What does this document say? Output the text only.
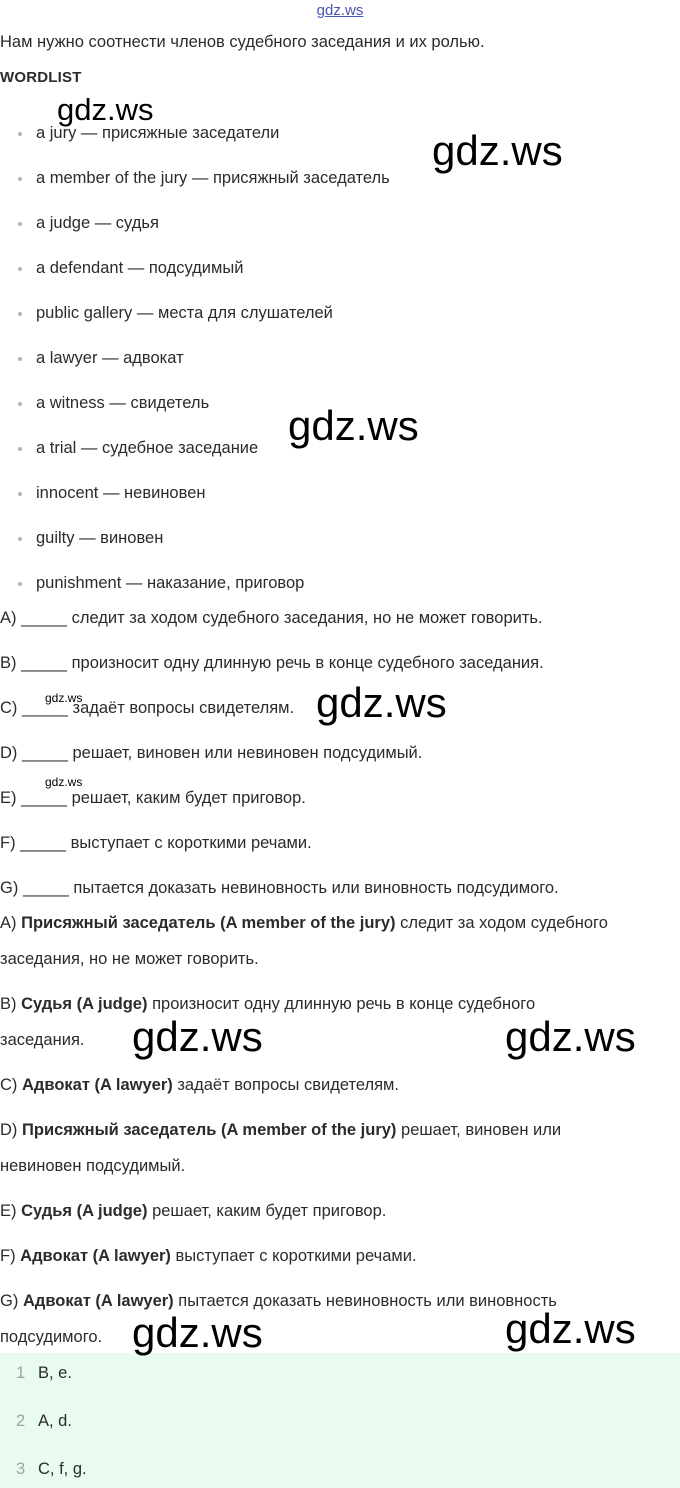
gdz.ws
Нам нужно соотнести членов судебного заседания и их ролью.
WORDLIST
a jury — присяжные заседатели
a member of the jury — присяжный заседатель
a judge — судья
a defendant — подсудимый
public gallery — места для слушателей
a lawyer — адвокат
a witness — свидетель
a trial — судебное заседание
innocent — невиновен
guilty — виновен
punishment — наказание, приговор
A) _____ следит за ходом судебного заседания, но не может говорить.
B) _____ произносит одну длинную речь в конце судебного заседания.
C) _____ задаёт вопросы свидетелям.
D) _____ решает, виновен или невиновен подсудимый.
E) _____ решает, каким будет приговор.
F) _____ выступает с короткими речами.
G) _____ пытается доказать невиновность или виновность подсудимого.
A) Присяжный заседатель (A member of the jury) следит за ходом судебного
заседания, но не может говорить.
B) Судья (A judge) произносит одну длинную речь в конце судебного
заседания.
C) Адвокат (A lawyer) задаёт вопросы свидетелям.
D) Присяжный заседатель (A member of the jury) решает, виновен или
невиновен подсудимый.
E) Судья (A judge) решает, каким будет приговор.
F) Адвокат (A lawyer) выступает с короткими речами.
G) Адвокат (A lawyer) пытается доказать невиновность или виновность
подсудимого.
1 B, e.
2 A, d.
3 C, f, g.
gdz.ws
gdz.ws
gdz.ws
gdz.ws	gdz.ws
gdz.ws
gdz.ws	gdz.ws
gdz.ws	gdz.ws
